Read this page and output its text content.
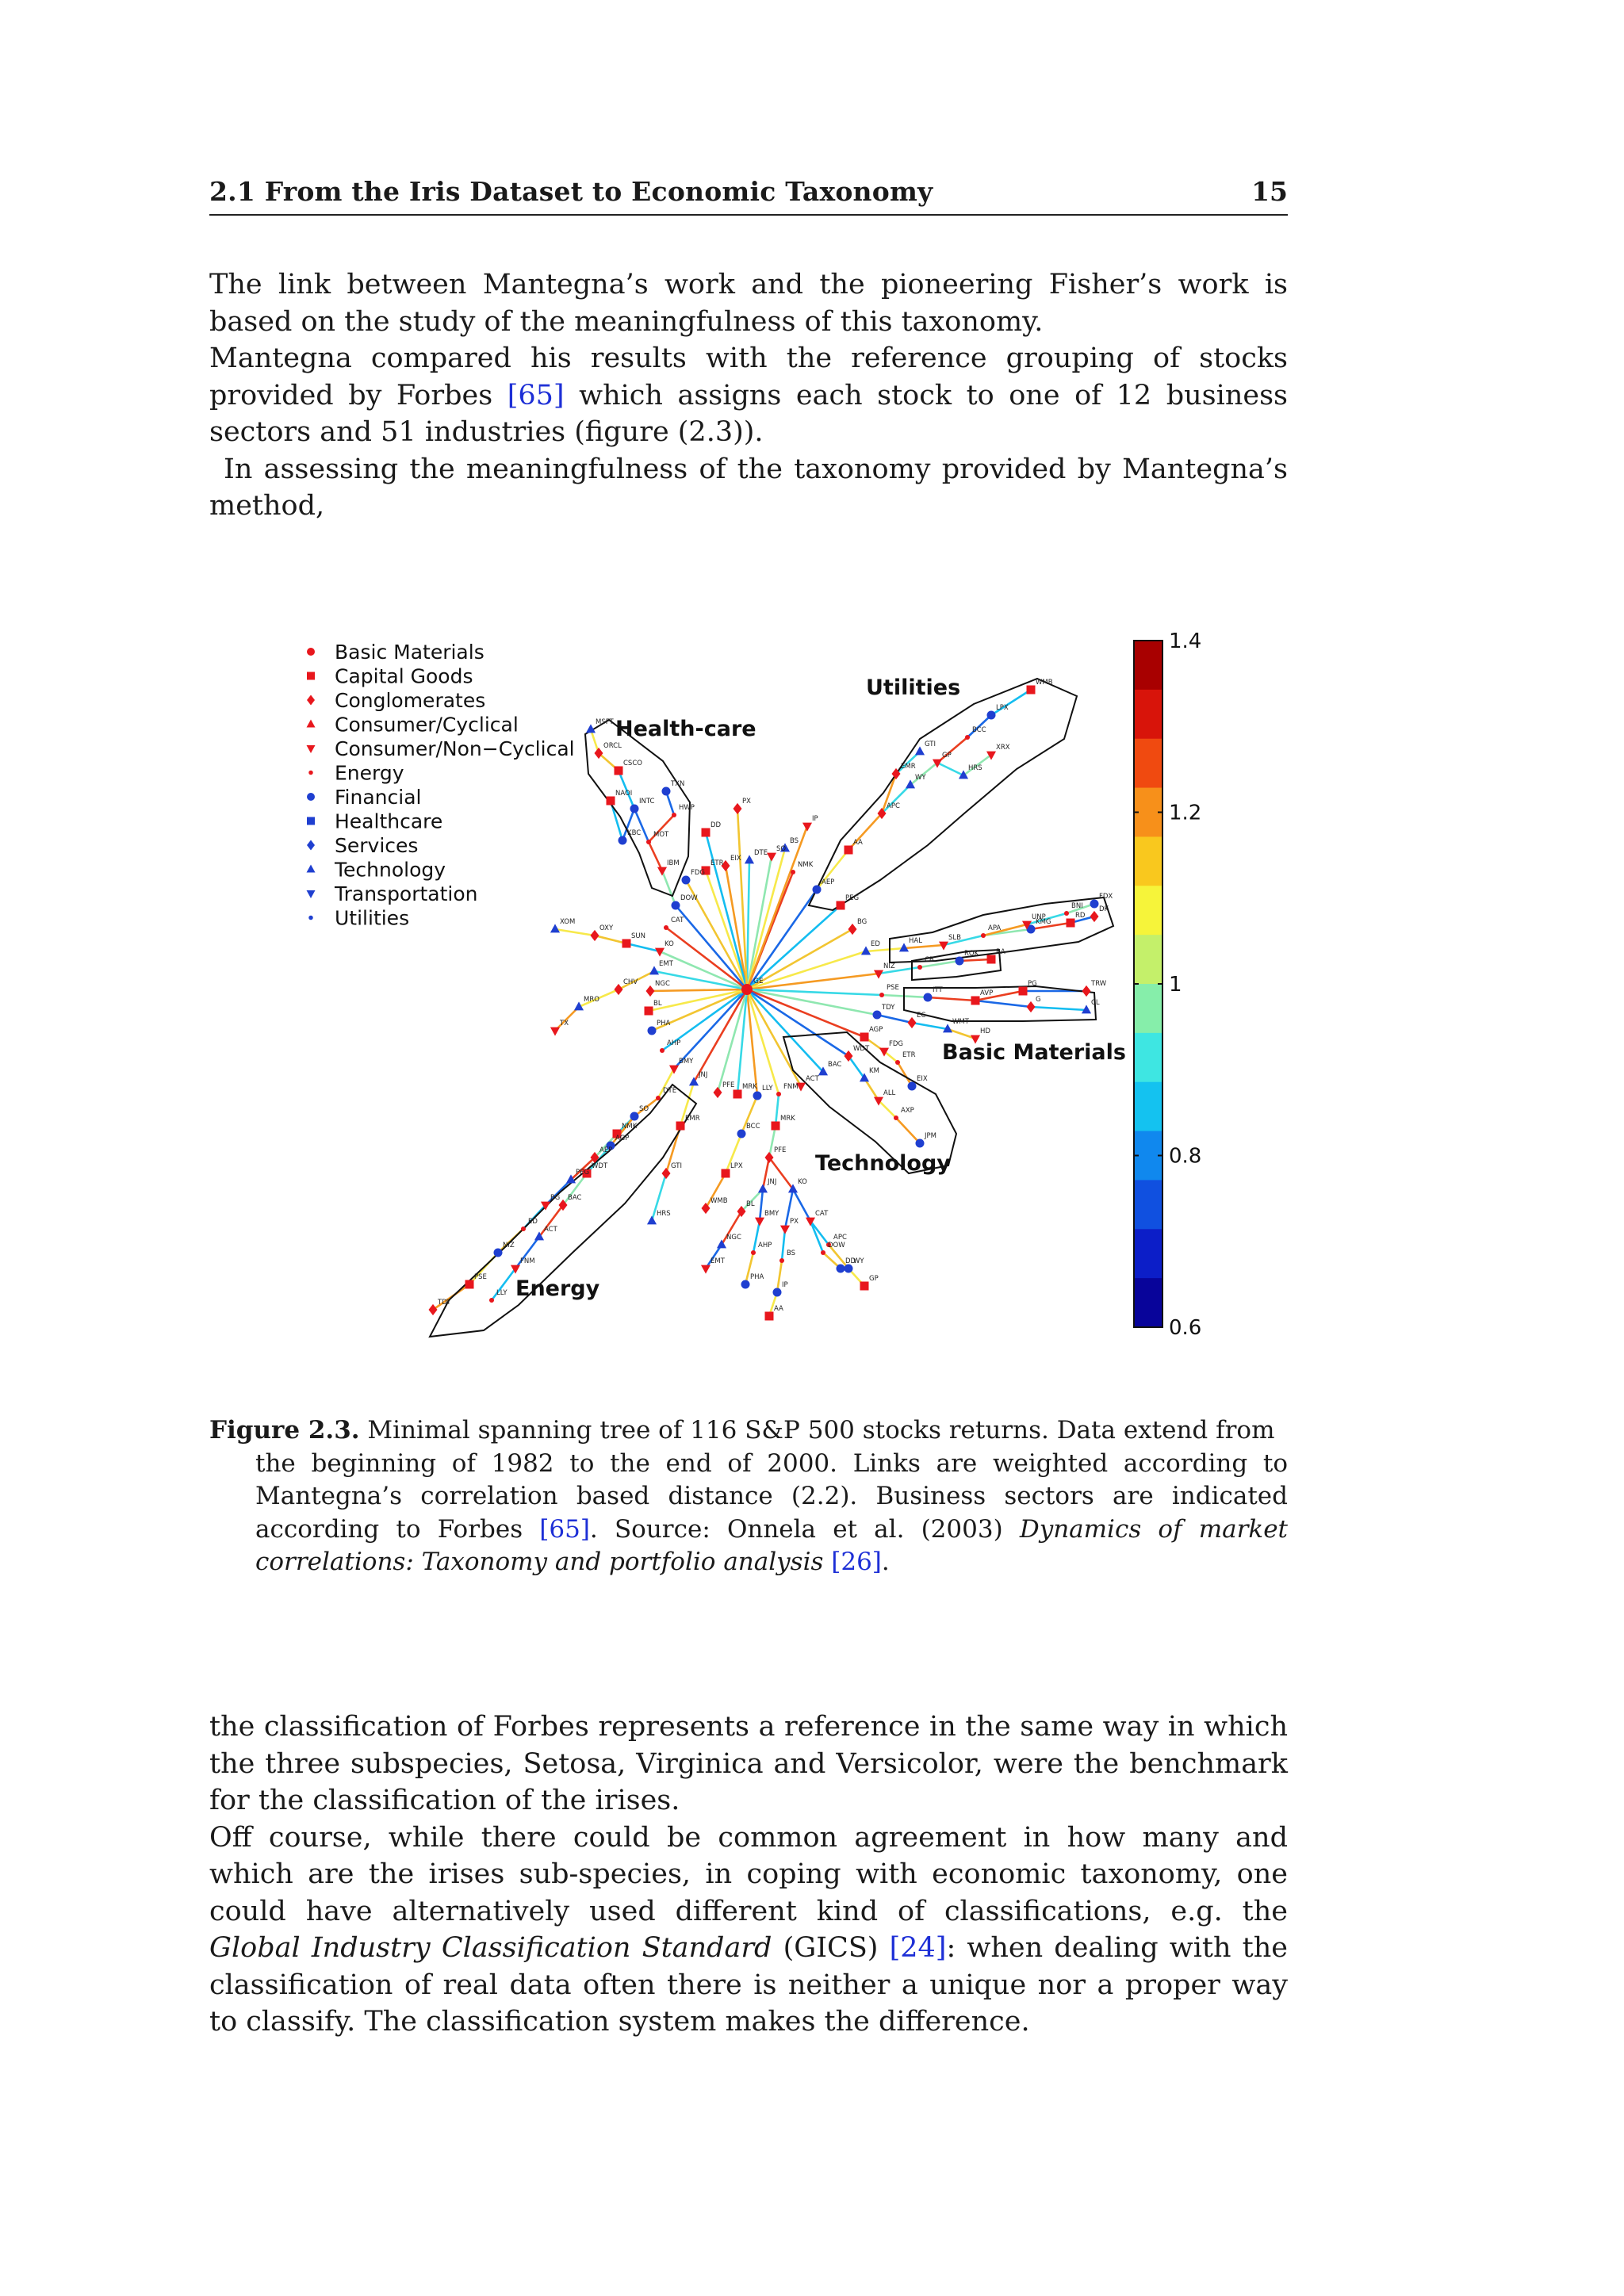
2.1 From the Iris Dataset to Economic Taxonomy	15

The link between Mantegna’s work and the pioneering Fisher’s work is based on the study of the meaningfulness of this taxonomy.

Mantegna compared his results with the reference grouping of stocks provided by Forbes [65] which assigns each stock to one of 12 business sectors and 51 industries (figure (2.3)).

In assessing the meaningfulness of the taxonomy provided by Mantegna’s method,

FDG
ETR
EIX
DTE SO
NMK
AEP
PEG
BG
ED
NIZ
PSE
TDY
AGP
WDT
BAC
ACT
FNM
LLY
MRK
PFE
JNJ
BMY
AHP
PHA
BL
NGC
EMT
KO
CAT
DOW
DD
PX
BS
IP
AA
APC
WY
GP
BCC
LPX
WMB
EMR
GTI
HRS
XRX
IBM
MOT
INTC
CSCO
ORCL
MSFT
HWP
TXN
KBC
NAOI
SUN
OXY
XOM
CHV
MRO
TX
HAL	SLB
APA
KMG
RD
DK
UNP
BNI
FDX
CB
ROK	BA
ITT	AVP
G	CL
PG	TRW
EC
WMT
HD
KM
ALL
AXP
JPM
FDG
ETR
EIX
DTE
SO
NMK
AEP
PEG
BG
ED
NIZ
PSE
TDY
AGP
WDT
BAC
ACT
FNM
LLY
MRK
PFE
JNJ
BMY
AHP
PHA
BL
NGC
EMT
KO
CAT
DOW
DD
PX
BS
IP
AA
APC
WY
GP
BCC
LPX
WMB
EMR
GTI
HRS
GE
Basic Materials
Capital Goods
Conglomerates
Consumer/Cyclical
Consumer/Non−Cyclical
Energy
Financial
Healthcare
Services
Technology
Transportation
Utilities
Utilities
Health-care
Basic Materials
Technology
Energy
1.4
1.2
1
0.8
0.6
Figure 2.3. Minimal spanning tree of 116 S&P 500 stocks returns. Data extend from
the beginning of 1982 to the end of 2000. Links are weighted according to Mantegna’s correlation based distance (2.2). Business sectors are indicated according to Forbes [65]. Source: Onnela et al. (2003) Dynamics of market correlations: Taxonomy and portfolio analysis [26].

the classification of Forbes represents a reference in the same way in which the three subspecies, Setosa, Virginica and Versicolor, were the benchmark for the classification of the irises.

Off course, while there could be common agreement in how many and which are the irises sub-species, in coping with economic taxonomy, one could have alternatively used different kind of classifications, e.g. the Global Industry Classification Standard (GICS) [24]: when dealing with the classification of real data often there is neither a unique nor a proper way to classify. The classification system makes the difference.
